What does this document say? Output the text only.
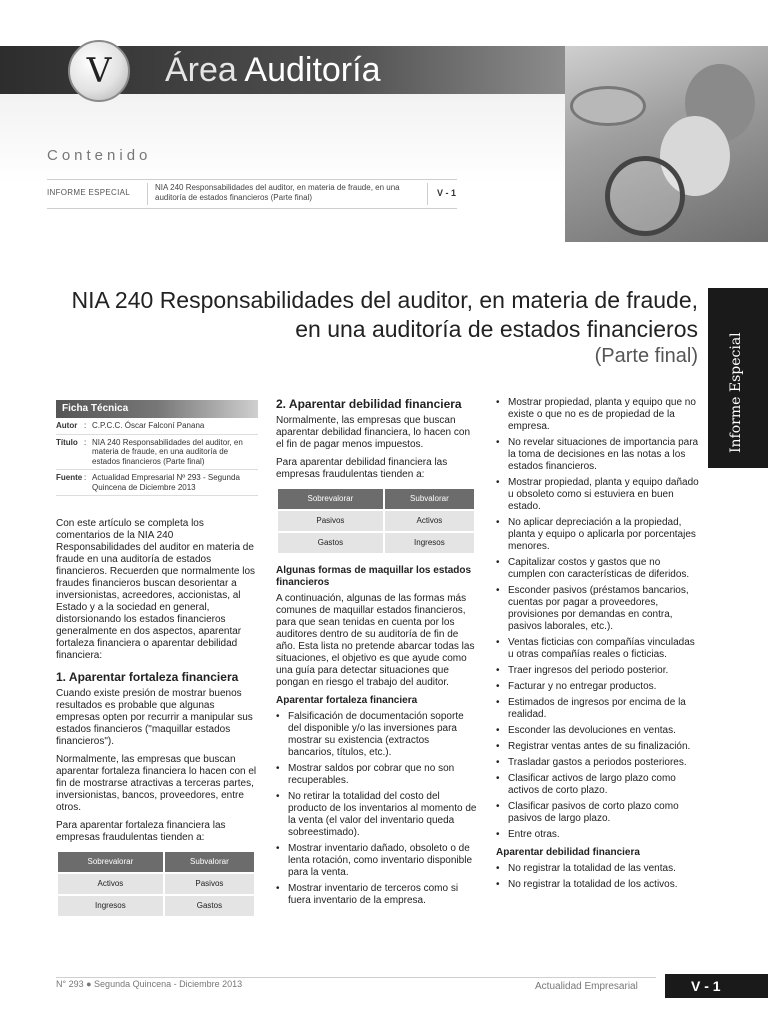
V	Área Auditoría
Contenido
INFORME ESPECIAL
NIA 240 Responsabilidades del auditor, en materia de fraude, en una auditoría de estados financieros (Parte final)	V - 1
Informe Especial
NIA 240 Responsabilidades del auditor, en materia de fraude, en una auditoría de estados financieros
(Parte final)
Ficha Técnica
Autor : C.P.C.C. Óscar Falconí Panana
Título : NIA 240 Responsabilidades del auditor, en materia de fraude, en una auditoría de estados financieros (Parte final)
Fuente : Actualidad Empresarial Nº 293 - Segunda Quincena de Diciembre 2013

Con este artículo se completa los comentarios de la NIA 240 Responsabilidades del auditor en materia de fraude en una auditoría de estados financieros. Recuerden que normalmente los fraudes financieros buscan desorientar a inversionistas, acreedores, accionistas, al Estado y a la sociedad en general, distorsionando los estados financieros generalmente en dos aspectos, aparentar fortaleza financiera o aparentar debilidad financiera:

1. Aparentar fortaleza financiera

Cuando existe presión de mostrar buenos resultados es probable que algunas empresas opten por recurrir a manipular sus estados financieros ("maquillar estados financieros").

Normalmente, las empresas que buscan aparentar fortaleza financiera lo hacen con el fin de mostrarse atractivas a terceras partes, inversionistas, bancos, proveedores, entre otros.

Para aparentar fortaleza financiera las empresas fraudulentas tienden a:

Sobrevalorar	Subvalorar
Activos	Pasivos
Ingresos	Gastos
2. Aparentar debilidad financiera

Normalmente, las empresas que buscan aparentar debilidad financiera, lo hacen con el fin de pagar menos impuestos.

Para aparentar debilidad financiera las empresas fraudulentas tienden a:

Sobrevalorar	Subvalorar
Pasivos	Activos
Gastos	Ingresos
Algunas formas de maquillar los estados financieros

A continuación, algunas de las formas más comunes de maquillar estados financieros, para que sean tenidas en cuenta por los auditores dentro de su auditoría de fin de año. Esta lista no pretende abarcar todas las situaciones, el objetivo es que ayude como una guía para detectar situaciones que pongan en riesgo el trabajo del auditor.

Aparentar fortaleza financiera
• Falsificación de documentación soporte del disponible y/o las inversiones para mostrar su existencia (extractos bancarios, títulos, etc.).
• Mostrar saldos por cobrar que no son recuperables.
• No retirar la totalidad del costo del producto de los inventarios al momento de la venta (el valor del inventario queda sobreestimado).
• Mostrar inventario dañado, obsoleto o de lenta rotación, como inventario disponible para la venta.
• Mostrar inventario de terceros como si fuera inventario de la empresa.
• Mostrar propiedad, planta y equipo que no existe o que no es de propiedad de la empresa.
• No revelar situaciones de importancia para la toma de decisiones en las notas a los estados financieros.
• Mostrar propiedad, planta y equipo dañado u obsoleto como si estuviera en buen estado.
• No aplicar depreciación a la propiedad, planta y equipo o aplicarla por porcentajes menores.
• Capitalizar costos y gastos que no cumplen con características de diferidos.
• Esconder pasivos (préstamos bancarios, cuentas por pagar a proveedores, provisiones por demandas en contra, pasivos laborales, etc.).
• Ventas ficticias con compañías vinculadas u otras compañías reales o ficticias.
• Traer ingresos del periodo posterior.
• Facturar y no entregar productos.
• Estimados de ingresos por encima de la realidad.
• Esconder las devoluciones en ventas.
• Registrar ventas antes de su finalización.
• Trasladar gastos a periodos posteriores.
• Clasificar activos de largo plazo como activos de corto plazo.
• Clasificar pasivos de corto plazo como pasivos de largo plazo.
• Entre otras.
Aparentar debilidad financiera
• No registrar la totalidad de las ventas.
• No registrar la totalidad de los activos.
N° 293 ● Segunda Quincena - Diciembre 2013	Actualidad Empresarial	V - 1
